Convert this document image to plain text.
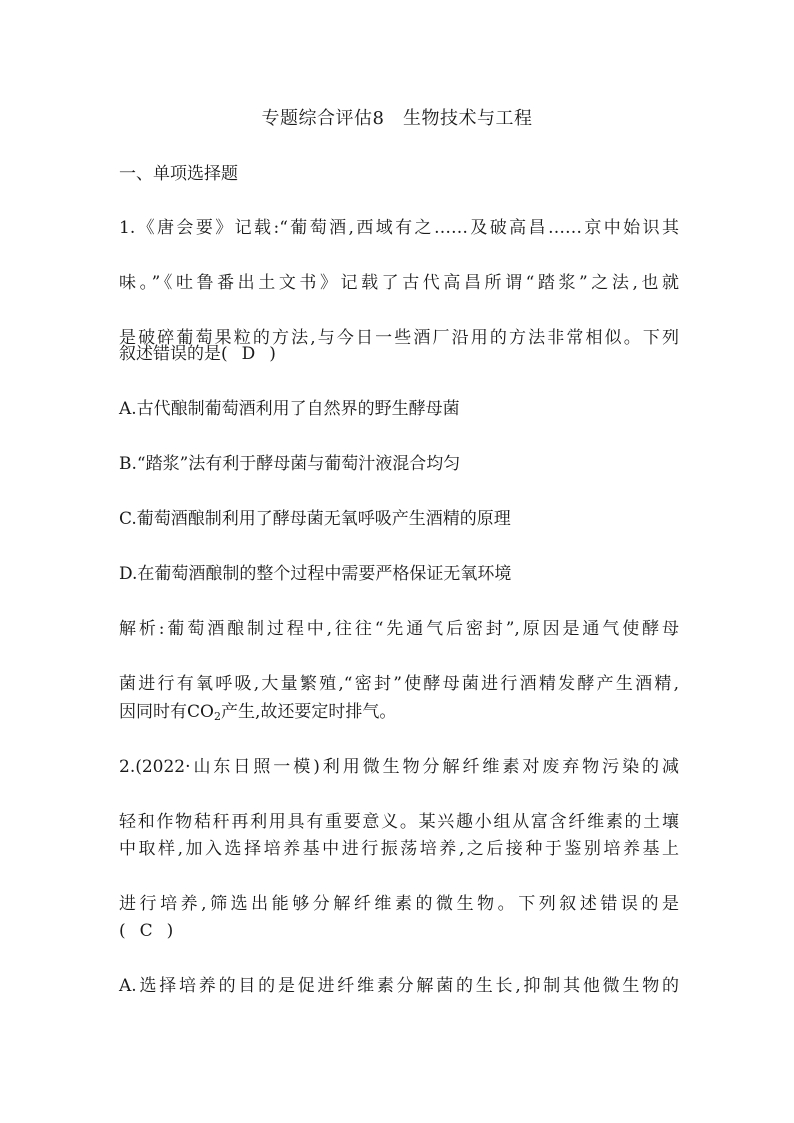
专题综合评估8　生物技术与工程
一、单项选择题
1.《唐会要》记载:“葡萄酒,西域有之……及破高昌……京中始识其
味。”《吐鲁番出土文书》记载了古代高昌所谓“踏浆”之法,也就
是破碎葡萄果粒的方法,与今日一些酒厂沿用的方法非常相似。下列
叙述错误的是( D )
A.古代酿制葡萄酒利用了自然界的野生酵母菌
B.“踏浆”法有利于酵母菌与葡萄汁液混合均匀
C.葡萄酒酿制利用了酵母菌无氧呼吸产生酒精的原理
D.在葡萄酒酿制的整个过程中需要严格保证无氧环境
解析:葡萄酒酿制过程中,往往“先通气后密封”,原因是通气使酵母
菌进行有氧呼吸,大量繁殖,“密封”使酵母菌进行酒精发酵产生酒精,
因同时有$CO_2$产生,故还要定时排气。
2.(2022·山东日照一模)利用微生物分解纤维素对废弃物污染的减
轻和作物秸秆再利用具有重要意义。某兴趣小组从富含纤维素的土壤
中取样,加入选择培养基中进行振荡培养,之后接种于鉴别培养基上
进行培养,筛选出能够分解纤维素的微生物。下列叙述错误的是
( C )
A.选择培养的目的是促进纤维素分解菌的生长,抑制其他微生物的
